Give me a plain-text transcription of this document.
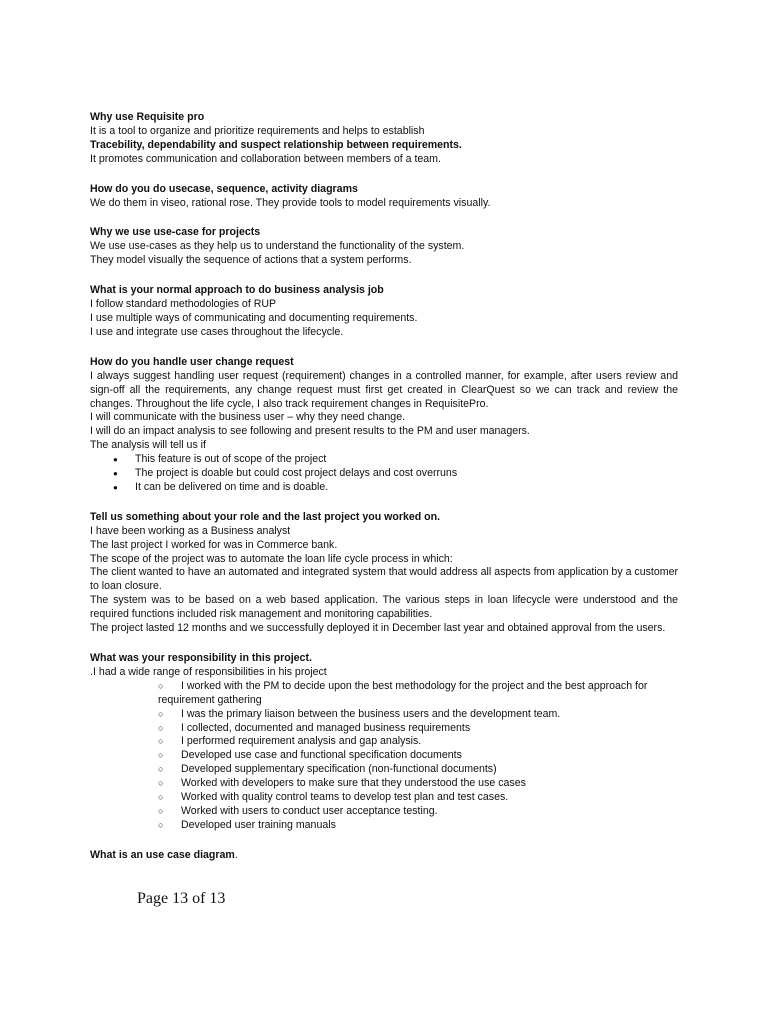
Why use Requisite pro

It is a tool to organize and prioritize requirements and helps to establish

Tracebility, dependability and suspect relationship between requirements.

It promotes communication and collaboration between members of a team.

How do you do usecase, sequence, activity diagrams

We do them in viseo, rational rose. They provide tools to model requirements visually.

Why we use use-case for projects

We use use-cases as they help us to understand the functionality of the system.

They model visually the sequence of actions that a system performs.

What is your normal approach to do business analysis job

I follow standard methodologies of RUP

I use multiple ways of communicating and documenting requirements.

I use and integrate use cases throughout the lifecycle.

How do you handle user change request

I always suggest handling user request (requirement) changes in a controlled manner, for example, after users review and sign-off all the requirements, any change request must first get created in ClearQuest so we can track and review the changes. Throughout the life cycle, I also track requirement changes in RequisitePro.

I will communicate with the business user – why they need change.

I will do an impact analysis to see following and present results to the PM and user managers.

The analysis will tell us if

● This feature is out of scope of the project
● The project is doable but could cost project delays and cost overruns
● It can be delivered on time and is doable.

Tell us something about your role and the last project you worked on.

I have been working as a Business analyst

The last project I worked for was in Commerce bank.

The scope of the project was to automate the loan life cycle process in which:

The client wanted to have an automated and integrated system that would address all aspects from application by a customer to loan closure.

The system was to be based on a web based application. The various steps in loan lifecycle were understood and the required functions included risk management and monitoring capabilities.

The project lasted 12 months and we successfully deployed it in December last year and obtained approval from the users.

What was your responsibility in this project.

.I had a wide range of responsibilities in his project

○ I worked with the PM to decide upon the best methodology for the project and the best approach for requirement gathering
○ I was the primary liaison between the business users and the development team.
○ I collected, documented and managed business requirements
○ I performed requirement analysis and gap analysis.
○ Developed use case and functional specification documents
○ Developed supplementary specification (non-functional documents)
○ Worked with developers to make sure that they understood the use cases
○ Worked with quality control teams to develop test plan and test cases.
○ Worked with users to conduct user acceptance testing.
○ Developed user training manuals

What is an use case diagram.

Page 13 of 13
